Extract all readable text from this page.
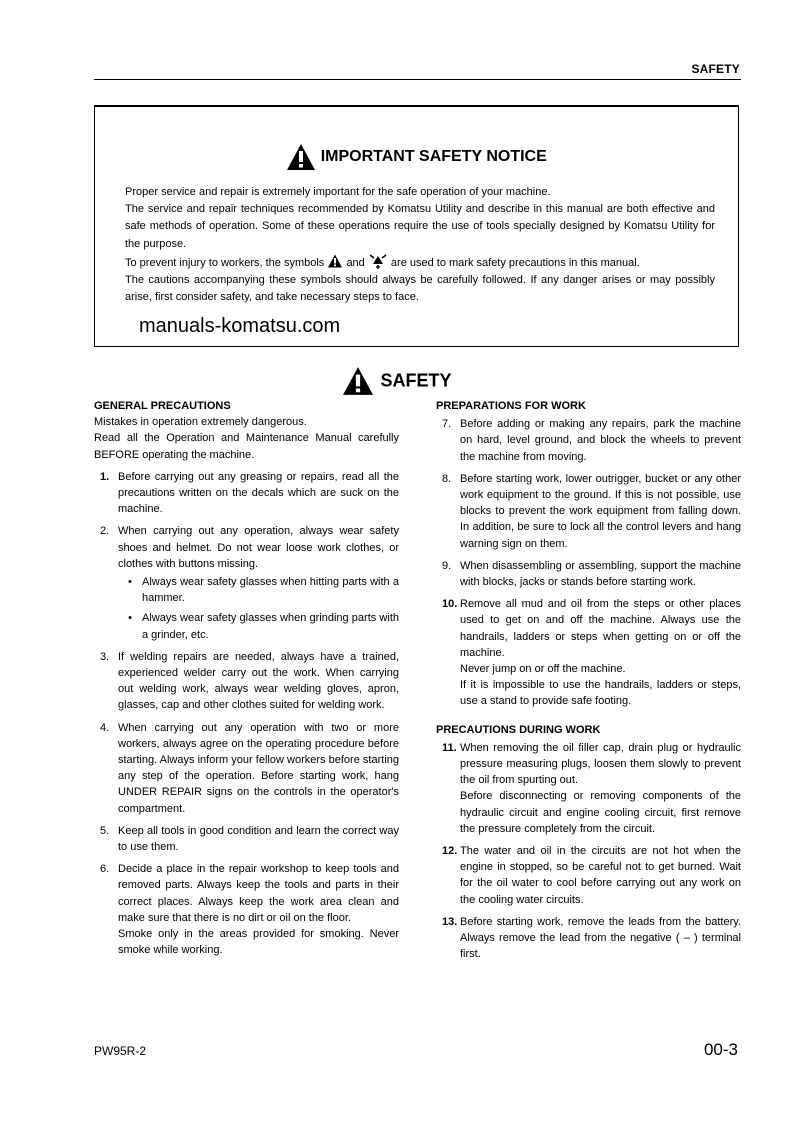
SAFETY
IMPORTANT SAFETY NOTICE

Proper service and repair is extremely important for the safe operation of your machine.

The service and repair techniques recommended by Komatsu Utility and describe in this manual are both effective and safe methods of operation. Some of these operations require the use of tools specially designed by Komatsu Utility for the purpose.

To prevent injury to workers, the symbols and are used to mark safety precautions in this manual.

The cautions accompanying these symbols should always be carefully followed. If any danger arises or may possibly arise, first consider safety, and take necessary steps to face.

manuals-komatsu.com
SAFETY

GENERAL PRECAUTIONS

Mistakes in operation extremely dangerous.

Read all the Operation and Maintenance Manual carefully BEFORE operating the machine.

1. Before carrying out any greasing or repairs, read all the precautions written on the decals which are suck on the machine.

2. When carrying out any operation, always wear safety shoes and helmet. Do not wear loose work clothes, or clothes with buttons missing.

• Always wear safety glasses when hitting parts with a hammer.
• Always wear safety glasses when grinding parts with a grinder, etc.
3. If welding repairs are needed, always have a trained, experienced welder carry out the work. When carrying out welding work, always wear welding gloves, apron, glasses, cap and other clothes suited for welding work.

4. When carrying out any operation with two or more workers, always agree on the operating procedure before starting. Always inform your fellow workers before starting any step of the operation. Before starting work, hang UNDER REPAIR signs on the controls in the operator's compartment.

5. Keep all tools in good condition and learn the correct way to use them.

6. Decide a place in the repair workshop to keep tools and removed parts. Always keep the tools and parts in their correct places. Always keep the work area clean and make sure that there is no dirt or oil on the floor.

Smoke only in the areas provided for smoking. Never smoke while working.

PREPARATIONS FOR WORK

7. Before adding or making any repairs, park the machine on hard, level ground, and block the wheels to prevent the machine from moving.

8. Before starting work, lower outrigger, bucket or any other work equipment to the ground. If this is not possible, use blocks to prevent the work equipment from falling down. In addition, be sure to lock all the control levers and hang warning sign on them.

9. When disassembling or assembling, support the machine with blocks, jacks or stands before starting work.

10. Remove all mud and oil from the steps or other places used to get on and off the machine. Always use the handrails, ladders or steps when getting on or off the machine.

Never jump on or off the machine.

If it is impossible to use the handrails, ladders or steps, use a stand to provide safe footing.

PRECAUTIONS DURING WORK

11. When removing the oil filler cap, drain plug or hydraulic pressure measuring plugs, loosen them slowly to prevent the oil from spurting out.

Before disconnecting or removing components of the hydraulic circuit and engine cooling circuit, first remove the pressure completely from the circuit.

12. The water and oil in the circuits are not hot when the engine in stopped, so be careful not to get burned. Wait for the oil water to cool before carrying out any work on the cooling water circuits.

13. Before starting work, remove the leads from the battery. Always remove the lead from the negative ( – ) terminal first.

PW95R-2	00-3
